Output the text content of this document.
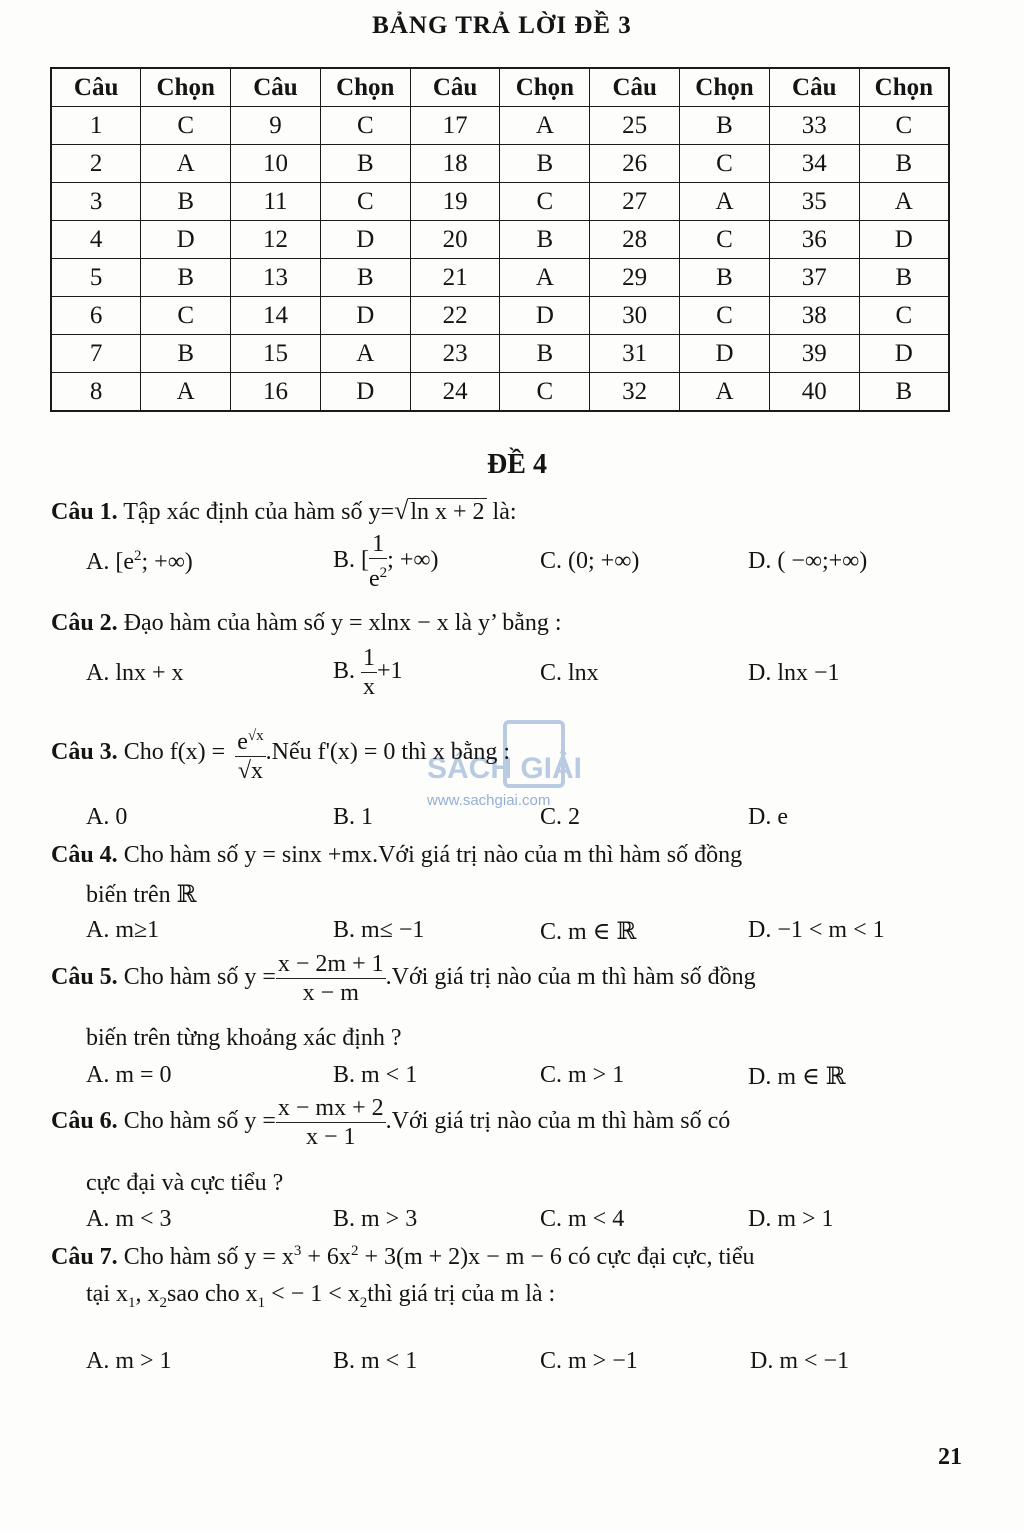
BẢNG TRẢ LỜI ĐỀ 3
Câu	Chọn	Câu	Chọn	Câu	Chọn	Câu	Chọn	Câu	Chọn
1	C	9	C	17	A	25	B	33	C
2	A	10	B	18	B	26	C	34	B
3	B	11	C	19	C	27	A	35	A
4	D	12	D	20	B	28	C	36	D
5	B	13	B	21	A	29	B	37	B
6	C	14	D	22	D	30	C	38	C
7	B	15	A	23	B	31	D	39	D
8	A	16	D	24	C	32	A	40	B
ĐỀ 4
Câu 1. Tập xác định của hàm số y=√ln x + 2 là:
A. [$e^2$; +∞)	B. [ $\frac{1}{e^2}$ ; +∞)	C. (0; +∞)	D. ( −∞;+∞)
Câu 2. Đạo hàm của hàm số y = xlnx − x là y’ bằng :
A. lnx + x	B. $\frac{1}{x} +1$	C. lnx	D. lnx −1
SÁCH GIẢI
www.sachgiai.com
Câu 3. Cho $f(x) = \frac{e^{√x}}{√x}$ .Nếu f'(x) = 0 thì x bằng :
A. 0	B. 1	C. 2	D. e
Câu 4. Cho hàm số y = sinx +mx.Với giá trị nào của m thì hàm số đồng
biến trên ℝ
A. m≥1	B. m≤ −1	C. m ∈ ℝ	D. −1 < m < 1
Câu 5. Cho hàm số $y = \frac{x - 2m + 1}{x - m}$ .Với giá trị nào của m thì hàm số đồng
biến trên từng khoảng xác định ?
A. m = 0	B. m < 1	C. m > 1	D. m ∈ ℝ
Câu 6. Cho hàm số $y = \frac{x - mx + 2}{x - 1}$ .Với giá trị nào của m thì hàm số có
cực đại và cực tiểu ?
A. m < 3	B. m > 3	C. m < 4	D. m > 1
Câu 7. Cho hàm số $y = x^3 + 6x^2 + 3(m + 2)x - m - 6$ có cực đại cực, tiểu
tại $x_1$, $x_2sao$ cho $x_1$ < − $1 < x_2thì$ giá trị của m là :
A. m > 1	B. m < 1	C. m > −1	D. m < −1
21
